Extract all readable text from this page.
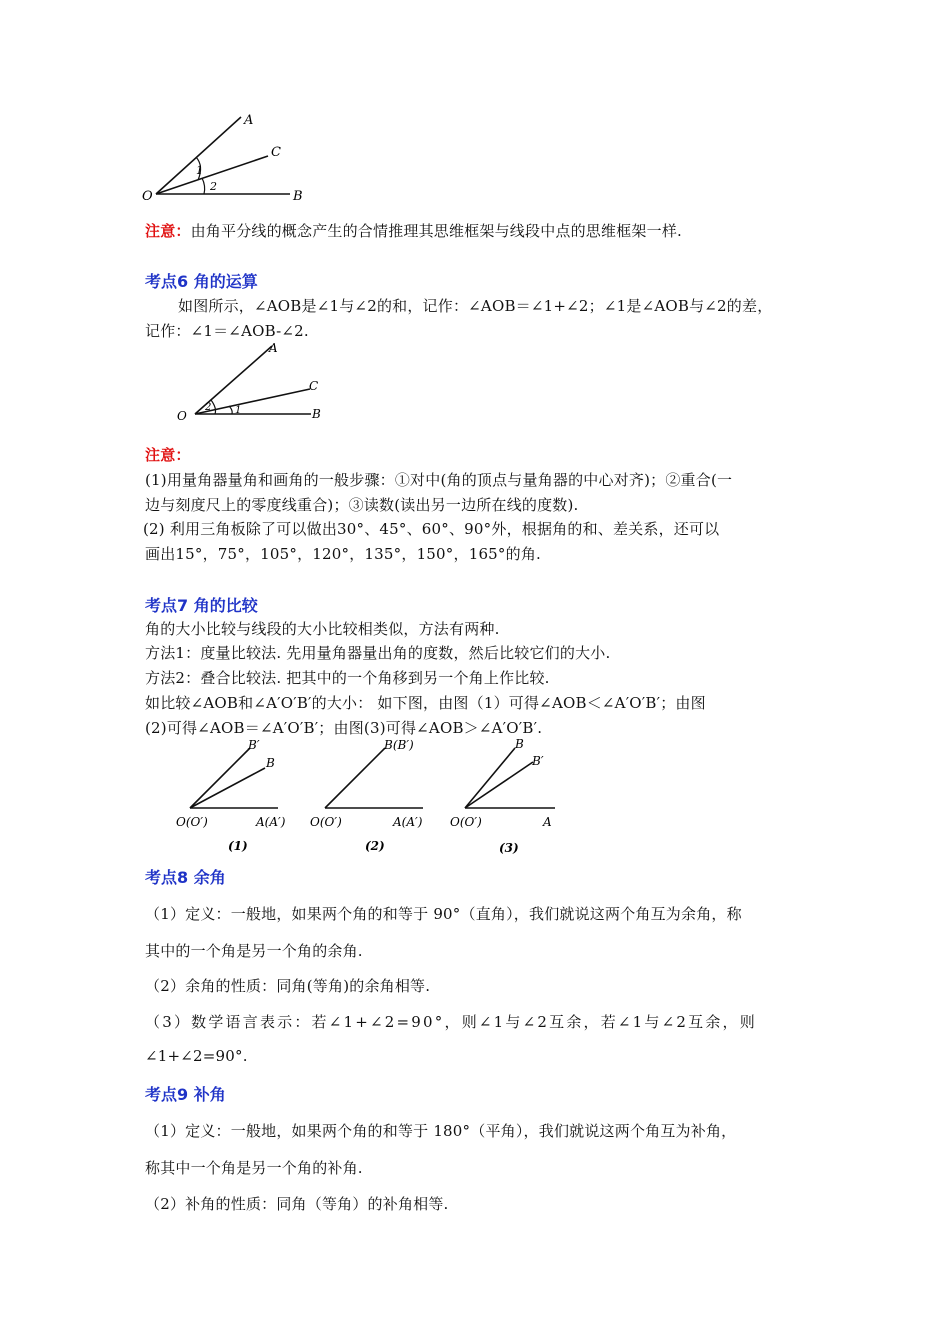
A
C
O	B
1
2
注意：由角平分线的概念产生的合情推理其思维框架与线段中点的思维框架一样.
考点6 角的运算
如图所示，∠AOB是∠1与∠2的和，记作：∠AOB＝∠1+∠2；∠1是∠AOB与∠2的差，
记作：∠1＝∠AOB-∠2.
A
C
O	B
2 1
注意：
(1)用量角器量角和画角的一般步骤：①对中(角的顶点与量角器的中心对齐)；②重合(一
边与刻度尺上的零度线重合)；③读数(读出另一边所在线的度数).
(2) 利用三角板除了可以做出30°、45°、60°、90°外，根据角的和、差关系，还可以
画出15°，75°，105°，120°，135°，150°，165°的角.
考点7 角的比较
角的大小比较与线段的大小比较相类似，方法有两种.
方法1：度量比较法. 先用量角器量出角的度数，然后比较它们的大小.
方法2：叠合比较法. 把其中的一个角移到另一个角上作比较.
如比较∠AOB和∠A′O′B′的大小： 如下图，由图（1）可得∠AOB＜∠A′O′B′；由图
(2)可得∠AOB＝∠A′O′B′；由图(3)可得∠AOB＞∠A′O′B′.
B′
B
O(O′)	A(A′)
(1)
B(B′)
O(O′)	A(A′)
(2)
B
B′
O(O′)	A
(3)
考点8 余角
（1）定义：一般地，如果两个角的和等于 90°（直角），我们就说这两个角互为余角，称
其中的一个角是另一个角的余角.
（2）余角的性质：同角(等角)的余角相等.
（3）数学语言表示：若∠1+∠2=90°，则∠1与∠2互余，若∠1与∠2互余，则
∠1+∠2=90°.
考点9 补角
（1）定义：一般地，如果两个角的和等于 180°（平角），我们就说这两个角互为补角，
称其中一个角是另一个角的补角.
（2）补角的性质：同角（等角）的补角相等.
